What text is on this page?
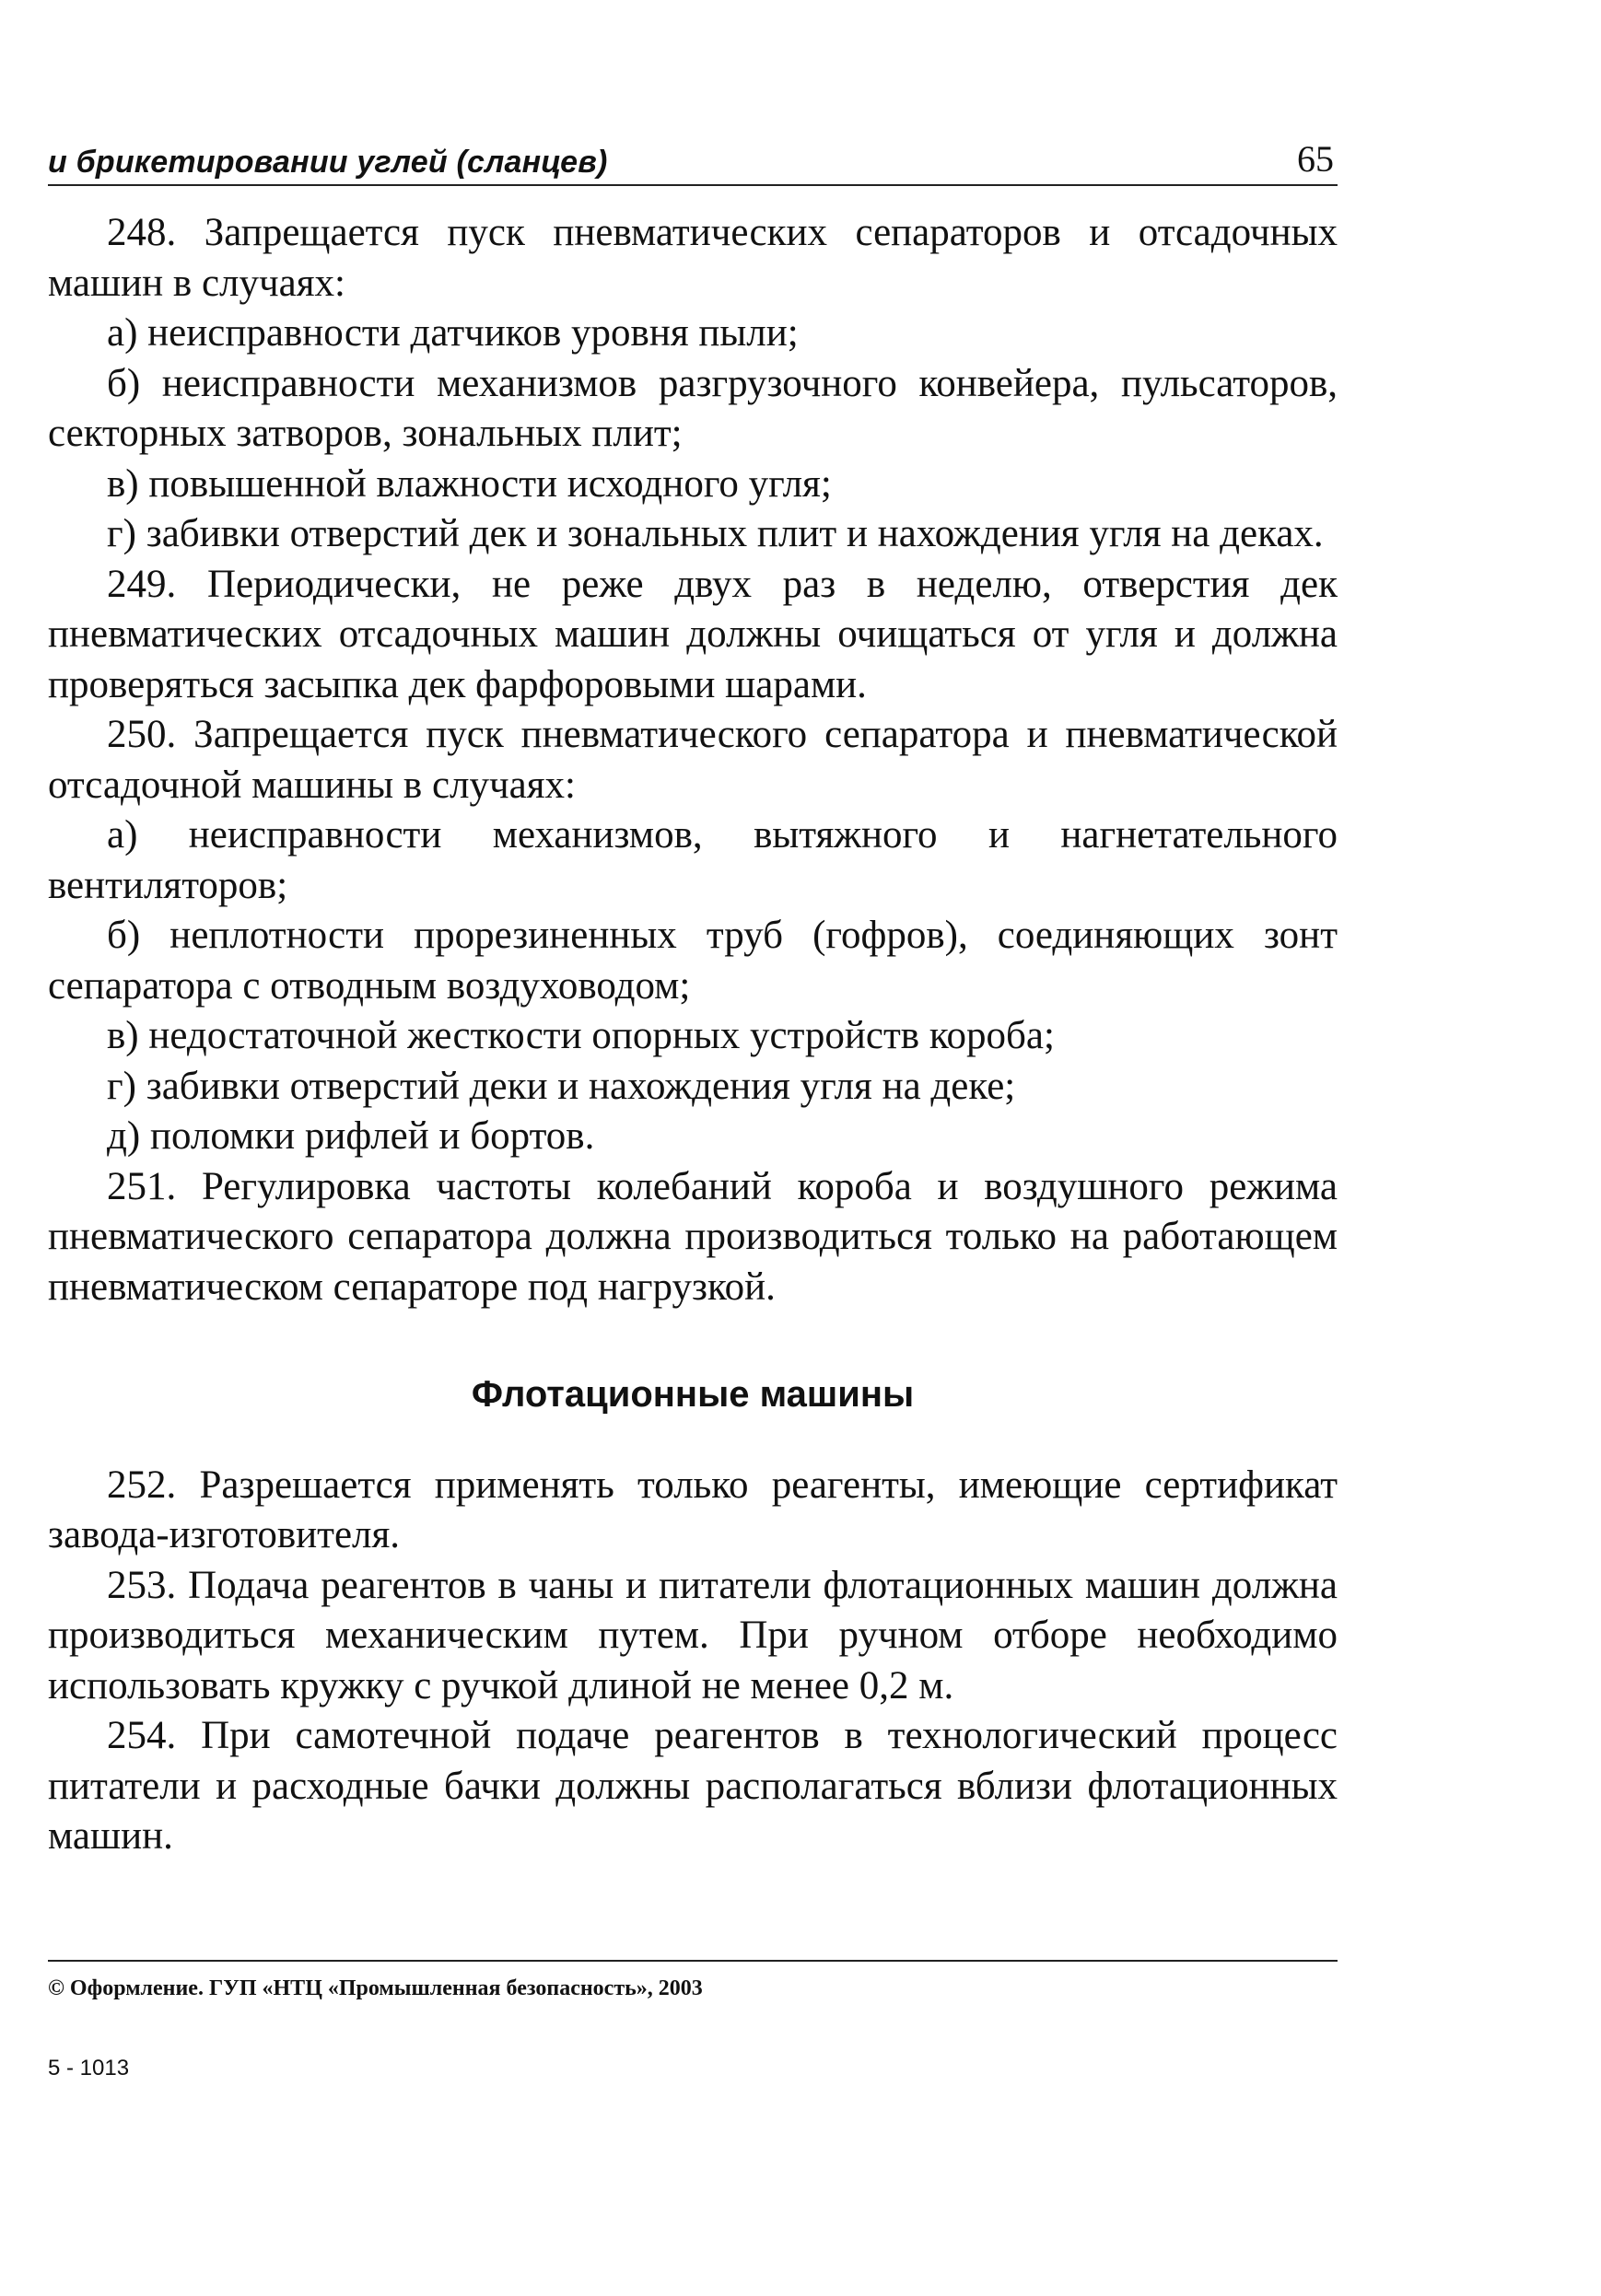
и брикетировании углей (сланцев)	65

248. Запрещается пуск пневматических сепараторов и отсадочных машин в случаях:

а) неисправности датчиков уровня пыли;

б) неисправности механизмов разгрузочного конвейера, пульсаторов, секторных затворов, зональных плит;

в) повышенной влажности исходного угля;

г) забивки отверстий дек и зональных плит и нахождения угля на деках.

249. Периодически, не реже двух раз в неделю, отверстия дек пневматических отсадочных машин должны очищаться от угля и должна проверяться засыпка дек фарфоровыми шарами.

250. Запрещается пуск пневматического сепаратора и пневматической отсадочной машины в случаях:

а) неисправности механизмов, вытяжного и нагнетательного вентиляторов;

б) неплотности прорезиненных труб (гофров), соединяющих зонт сепаратора с отводным воздуховодом;

в) недостаточной жесткости опорных устройств короба;

г) забивки отверстий деки и нахождения угля на деке;

д) поломки рифлей и бортов.

251. Регулировка частоты колебаний короба и воздушного режима пневматического сепаратора должна производиться только на работающем пневматическом сепараторе под нагрузкой.

Флотационные машины

252. Разрешается применять только реагенты, имеющие сертификат завода-изготовителя.

253. Подача реагентов в чаны и питатели флотационных машин должна производиться механическим путем. При ручном отборе необходимо использовать кружку с ручкой длиной не менее 0,2 м.

254. При самотечной подаче реагентов в технологический процесс питатели и расходные бачки должны располагаться вблизи флотационных машин.

© Оформление. ГУП «НТЦ «Промышленная безопасность», 2003
5 - 1013
